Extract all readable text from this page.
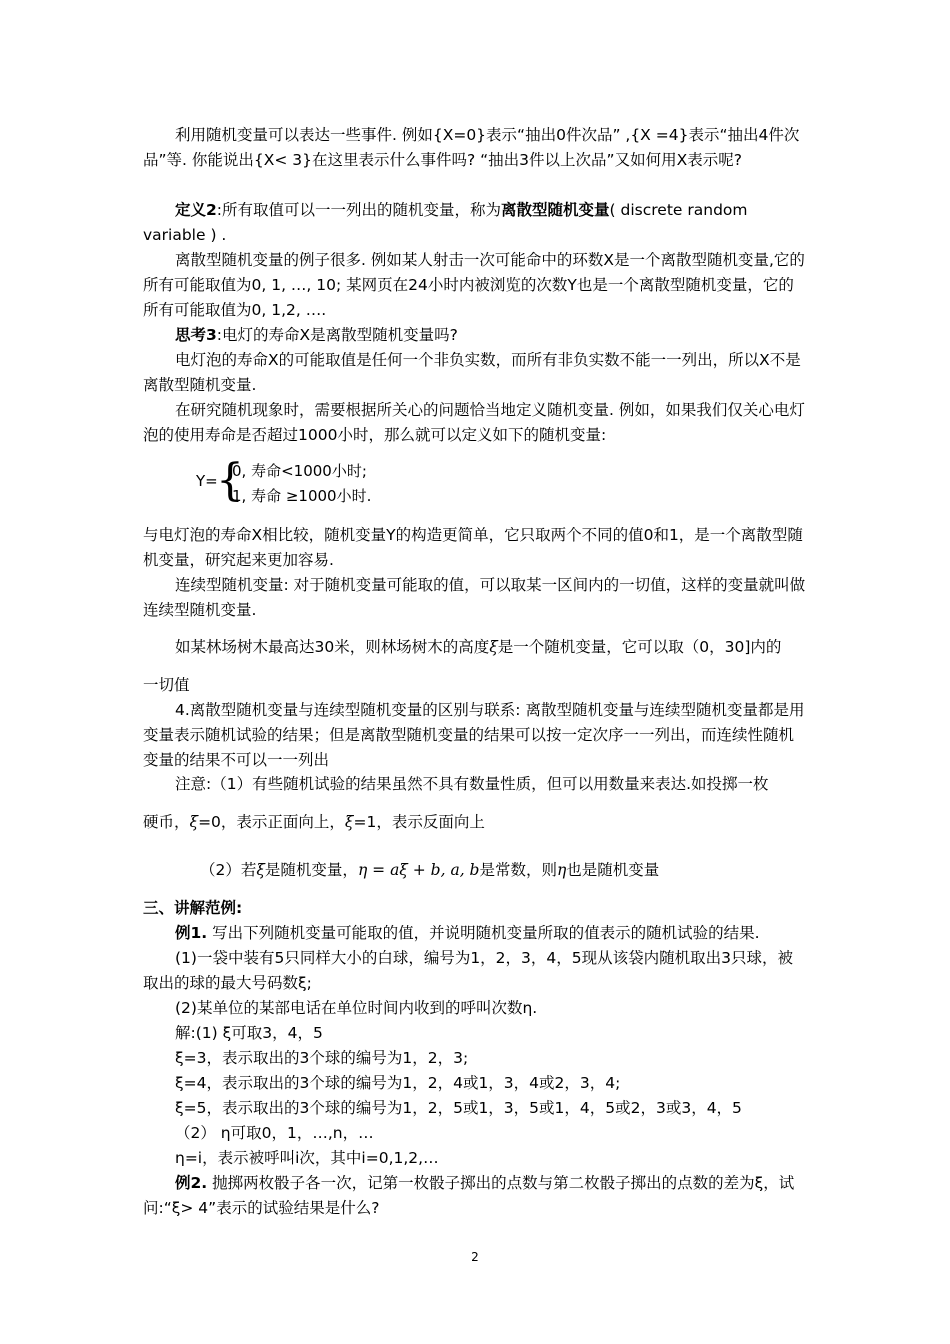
利用随机变量可以表达一些事件. 例如{X=0}表示“抽出0件次品” ,{X =4}表示“抽出4件次品”等. 你能说出{X< 3}在这里表示什么事件吗? “抽出3件以上次品”又如何用X表示呢?

定义2:所有取值可以一一列出的随机变量，称为离散型随机变量( discrete random variable ) .

离散型随机变量的例子很多. 例如某人射击一次可能命中的环数X是一个离散型随机变量,它的所有可能取值为0, 1, …, 10; 某网页在24小时内被浏览的次数Y也是一个离散型随机变量，它的所有可能取值为0, 1,2, ….

思考3:电灯的寿命X是离散型随机变量吗?

电灯泡的寿命X的可能取值是任何一个非负实数，而所有非负实数不能一一列出，所以X不是离散型随机变量.

在研究随机现象时，需要根据所关心的问题恰当地定义随机变量. 例如，如果我们仅关心电灯泡的使用寿命是否超过1000小时，那么就可以定义如下的随机变量:

Y=
{
0, 寿命<1000小时;
1, 寿命 ≥1000小时.

与电灯泡的寿命X相比较，随机变量Y的构造更简单，它只取两个不同的值0和1，是一个离散型随机变量，研究起来更加容易.

连续型随机变量: 对于随机变量可能取的值，可以取某一区间内的一切值，这样的变量就叫做连续型随机变量.

如某林场树木最高达30米，则林场树木的高度ξ是一个随机变量，它可以取（0，30]内的

一切值

4.离散型随机变量与连续型随机变量的区别与联系: 离散型随机变量与连续型随机变量都是用变量表示随机试验的结果；但是离散型随机变量的结果可以按一定次序一一列出，而连续性随机变量的结果不可以一一列出

注意:（1）有些随机试验的结果虽然不具有数量性质，但可以用数量来表达.如投掷一枚

硬币，ξ=0，表示正面向上，ξ=1，表示反面向上

（2）若ξ是随机变量，η = aξ + b, a, b是常数，则η也是随机变量

三、讲解范例:

例1. 写出下列随机变量可能取的值，并说明随机变量所取的值表示的随机试验的结果.

(1)一袋中装有5只同样大小的白球，编号为1，2，3，4，5现从该袋内随机取出3只球，被取出的球的最大号码数ξ;

(2)某单位的某部电话在单位时间内收到的呼叫次数η.

解:(1) ξ可取3，4，5

ξ=3，表示取出的3个球的编号为1，2，3;

ξ=4，表示取出的3个球的编号为1，2，4或1，3，4或2，3，4;

ξ=5，表示取出的3个球的编号为1，2，5或1，3，5或1，4，5或2，3或3，4，5

（2） η可取0，1，…,n，…

η=i，表示被呼叫i次，其中i=0,1,2,…

例2. 抛掷两枚骰子各一次，记第一枚骰子掷出的点数与第二枚骰子掷出的点数的差为ξ，试问:“ξ> 4”表示的试验结果是什么?

2
